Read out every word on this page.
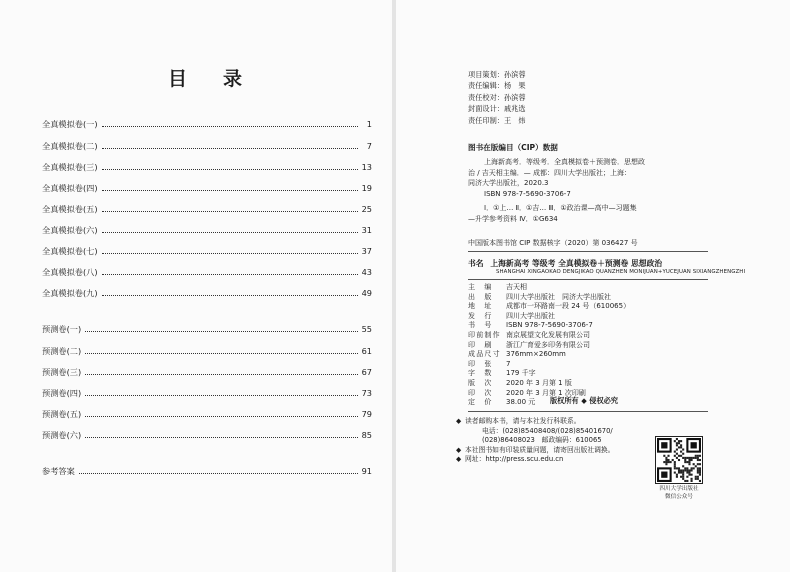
目录
全真模拟卷(一)	1
全真模拟卷(二)	7
全真模拟卷(三)	13
全真模拟卷(四)	19
全真模拟卷(五)	25
全真模拟卷(六)	31
全真模拟卷(七)	37
全真模拟卷(八)	43
全真模拟卷(九)	49
预测卷(一)	55
预测卷(二)	61
预测卷(三)	67
预测卷(四)	73
预测卷(五)	79
预测卷(六)	85
参考答案	91
项目策划： 孙滨蓉
责任编辑： 杨　果
责任校对： 孙滨蓉
封面设计： 戚兆选
责任印制： 王　炜
图书在版编目（CIP）数据
上海新高考．等级考．全真模拟卷＋预测卷．思想政
治 / 吉天相主编．— 成都：四川大学出版社；上海：
同济大学出版社，2020.3
ISBN 978-7-5690-3706-7
Ⅰ．①上… Ⅱ．①吉… Ⅲ．①政治课—高中—习题集
—升学参考资料 Ⅳ．①G634
中国版本图书馆 CIP 数据核字（2020）第 036427 号
书名 上海新高考 等级考 全真模拟卷＋预测卷 思想政治
SHANGHAI XINGAOKAO DENGJIKAO QUANZHEN MONIJUAN+YUCEJUAN SIXIANGZHENGZHI
主　编	吉天相
出　版	四川大学出版社　同济大学出版社
地　址	成都市一环路南一段 24 号（610065）
发　行	四川大学出版社
书　号	ISBN 978-7-5690-3706-7
印前制作 南京展望文化发展有限公司
印　刷	浙江广育爱多印务有限公司
成品尺寸 376mm×260mm
印　张	7
字　数	179 千字
版　次	2020 年 3 月第 1 版
印　次	2020 年 3 月第 1 次印刷
定　价	38.00 元	版权所有 ◆ 侵权必究
◆ 读者邮购本书，请与本社发行科联系。
电话：(028)85408408/(028)85401670/
(028)86408023　邮政编码：610065
◆ 本社图书如有印装质量问题，请寄回出版社调换。
◆ 网址：http://press.scu.edu.cn
四川大学出版社
微信公众号
